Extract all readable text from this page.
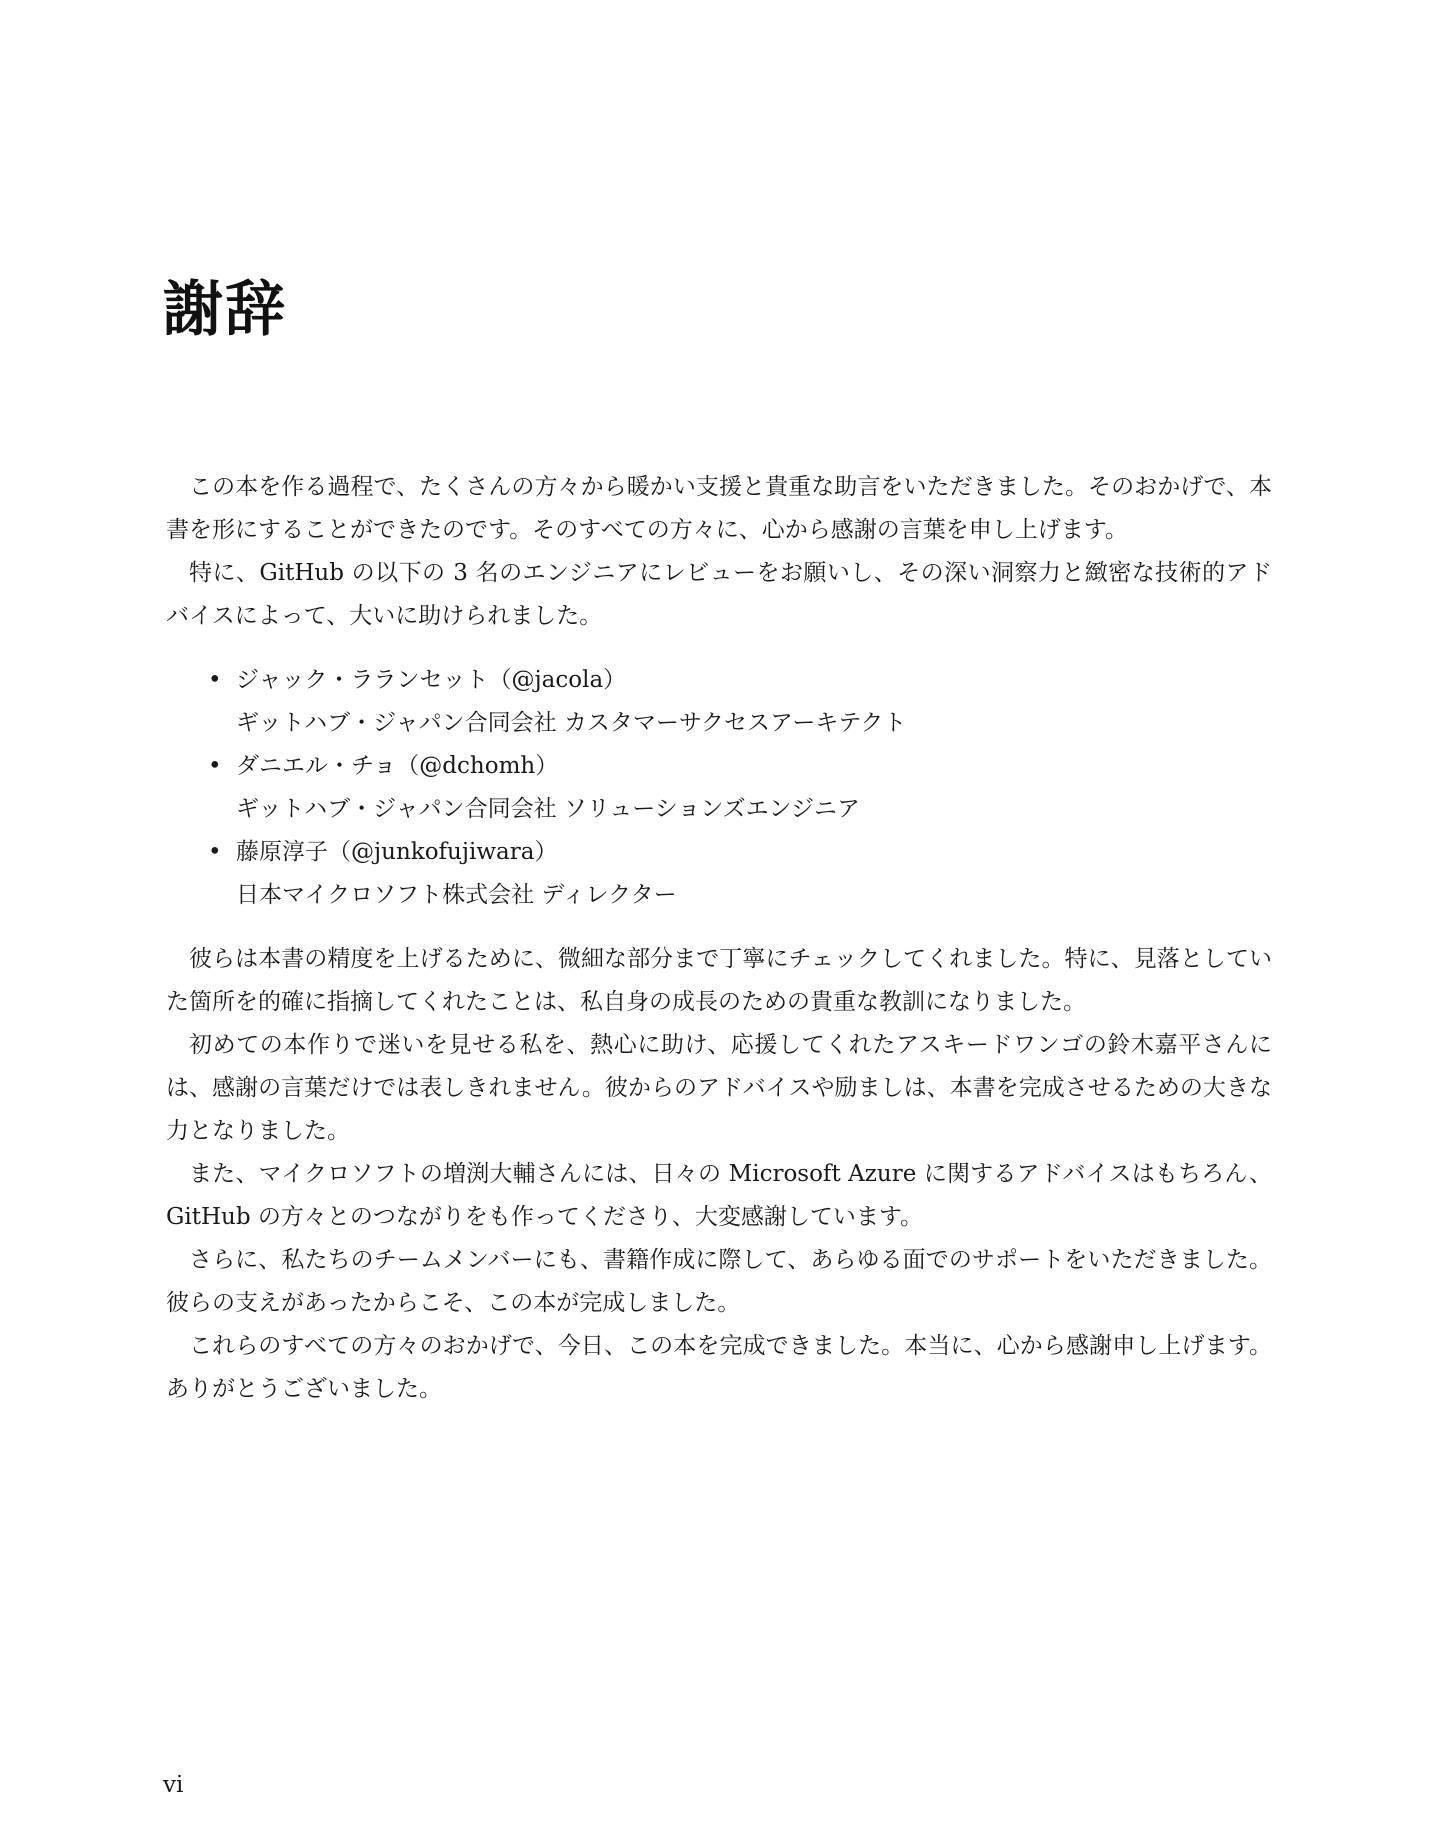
謝辞

この本を作る過程で、たくさんの方々から暖かい支援と貴重な助言をいただきました。そのおかげで、本書を形にすることができたのです。そのすべての方々に、心から感謝の言葉を申し上げます。

特に、GitHub の以下の 3 名のエンジニアにレビューをお願いし、その深い洞察力と緻密な技術的アドバイスによって、大いに助けられました。

• ジャック・ラランセット（@jacola）
ギットハブ・ジャパン合同会社 カスタマーサクセスアーキテクト
• ダニエル・チョ（@dchomh）
ギットハブ・ジャパン合同会社 ソリューションズエンジニア
• 藤原淳子（@junkofujiwara）
日本マイクロソフト株式会社 ディレクター

彼らは本書の精度を上げるために、微細な部分まで丁寧にチェックしてくれました。特に、見落としていた箇所を的確に指摘してくれたことは、私自身の成長のための貴重な教訓になりました。

初めての本作りで迷いを見せる私を、熱心に助け、応援してくれたアスキードワンゴの鈴木嘉平さんには、感謝の言葉だけでは表しきれません。彼からのアドバイスや励ましは、本書を完成させるための大きな力となりました。

また、マイクロソフトの増渕大輔さんには、日々の Microsoft Azure に関するアドバイスはもちろん、GitHub の方々とのつながりをも作ってくださり、大変感謝しています。

さらに、私たちのチームメンバーにも、書籍作成に際して、あらゆる面でのサポートをいただきました。彼らの支えがあったからこそ、この本が完成しました。

これらのすべての方々のおかげで、今日、この本を完成できました。本当に、心から感謝申し上げます。ありがとうございました。

vi
